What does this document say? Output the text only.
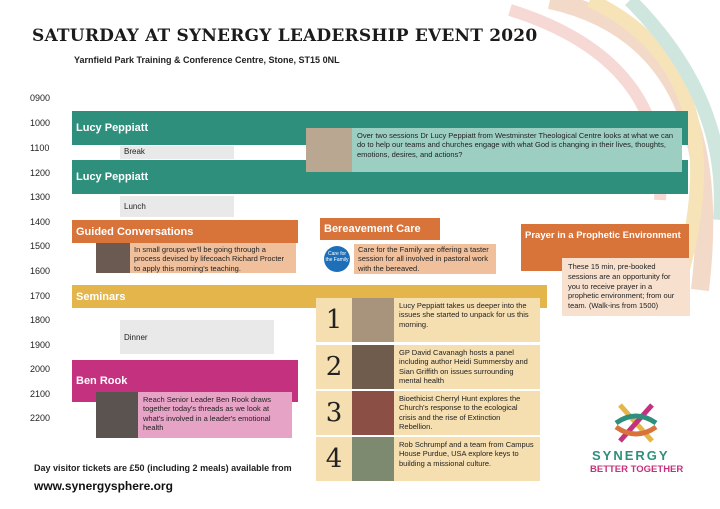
SATURDAY AT SYNERGY LEADERSHIP EVENT 2020
Yarnfield Park Training & Conference Centre, Stone, ST15 0NL
0900
1000
1100
1200
1300
1400
1500
1600
1700
1800
1900
2000
2100
2200
Lucy Peppiatt
Break
Lucy Peppiatt
Lunch
Over two sessions Dr Lucy Peppiatt from Westminster Theological Centre looks at what we can do to help our teams and churches engage with what God is changing in their lives, thoughts, emotions, desires, and actions?
Guided Conversations
In small groups we'll be going through a process devised by lifecoach Richard Procter to apply this morning's teaching.
Bereavement Care
Care for the Family
Care for the Family are offering a taster session for all involved in pastoral work with the bereaved.
Prayer in a Prophetic Environment
These 15 min, pre-booked sessions are an opportunity for you to receive prayer in a prophetic environment; from our team. (Walk-ins from 1500)
Seminars
Dinner
1	Lucy Peppiatt takes us deeper into the issues she started to unpack for us this morning.
2	GP David Cavanagh hosts a panel including author Heidi Summersby and Sian Griffith on issues surrounding mental health
3	Bioethicist Cherryl Hunt explores the Church's response to the ecological crisis and the rise of Extinction Rebellion.
4	Rob Schrumpf and a team from Campus House Purdue, USA explore keys to building a missional culture.
Ben Rook
Reach Senior Leader Ben Rook draws together today's threads as we look at what's involved in a leader's emotional health
Day visitor tickets are £50 (including 2 meals) available from
www.synergysphere.org
SYNERGY
BETTER TOGETHER
